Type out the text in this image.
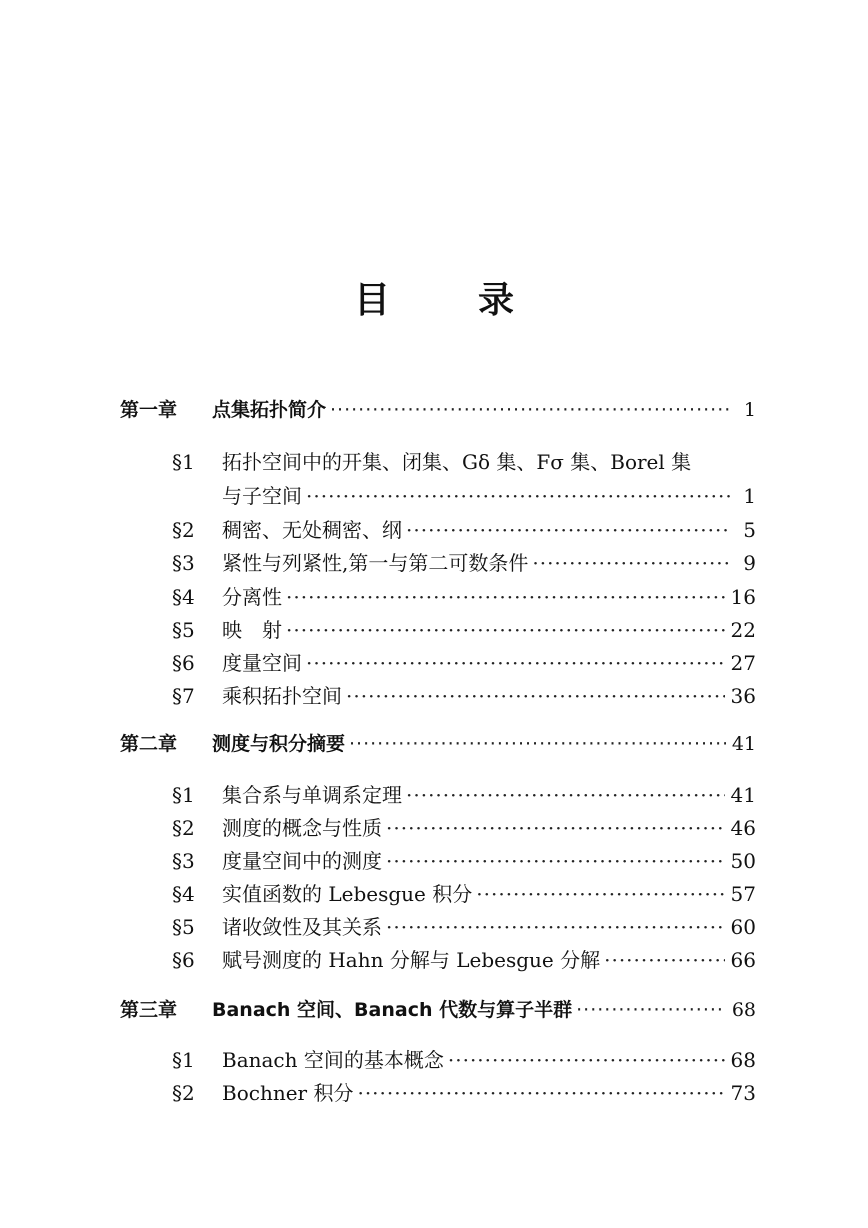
目 录
第一章	点集拓扑简介 ·····	1
§1	拓扑空间中的开集、闭集、Gδ 集、Fσ 集、Borel 集
与子空间 ·····	1
§2	稠密、无处稠密、纲 ·····	5
§3	紧性与列紧性,第一与第二可数条件 ·····	9
§4	分离性 ·····	16
§5	映　射 ·····	22
§6	度量空间 ·····	27
§7	乘积拓扑空间 ·····	36
第二章	测度与积分摘要 ·····	41
§1	集合系与单调系定理 ·····	41
§2	测度的概念与性质 ·····	46
§3	度量空间中的测度 ·····	50
§4	实值函数的 Lebesgue 积分 ·····	57
§5	诸收敛性及其关系 ·····	60
§6	赋号测度的 Hahn 分解与 Lebesgue 分解 ·····	66
第三章	Banach 空间、Banach 代数与算子半群 ·····	68
§1	Banach 空间的基本概念 ·····	68
§2	Bochner 积分 ·····	73
